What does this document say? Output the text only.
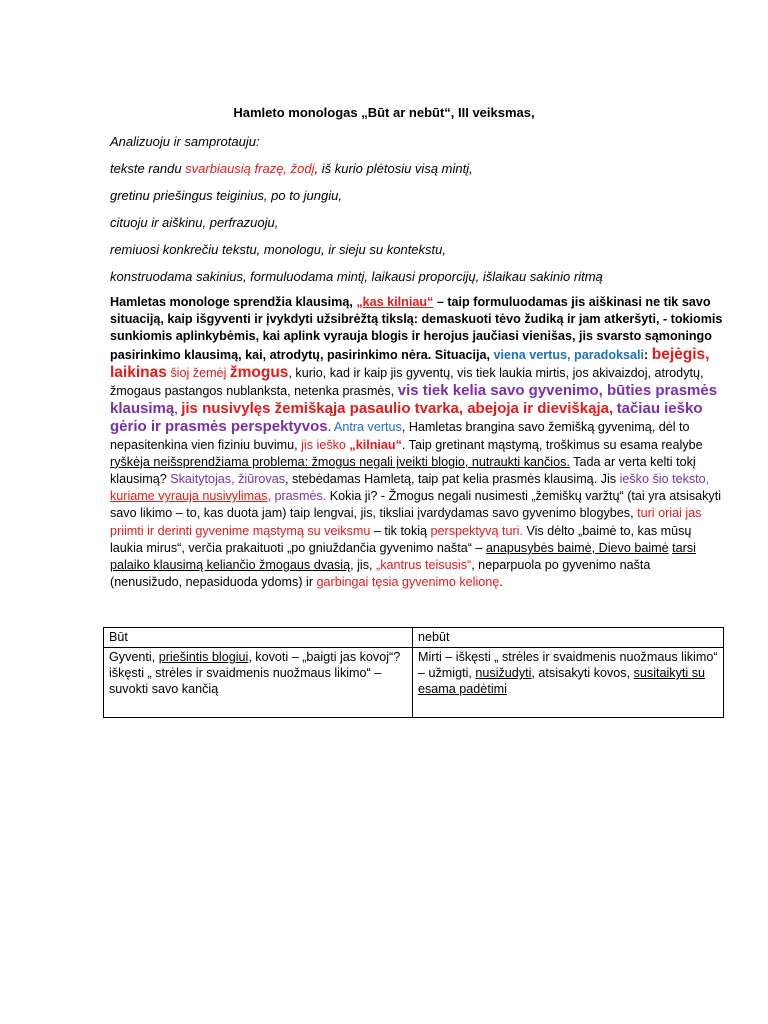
Hamleto monologas „Būt ar nebūt“, III veiksmas,
Analizuoju ir samprotauju:
tekste randu svarbiausią frazę, žodį, iš kurio plėtosiu visą mintį,
gretinu priešingus teiginius, po to jungiu,
cituoju ir aiškinu, perfrazuoju,
remiuosi konkrečiu tekstu, monologu, ir sieju su kontekstu,
konstruodama sakinius, formuluodama mintį, laikausi proporcijų, išlaikau sakinio ritmą
Hamletas monologe sprendžia klausimą, „kas kilniau“ – taip formuluodamas jis aiškinasi ne tik savo situaciją, kaip išgyventi ir įvykdyti užsibrėžtą tikslą: demaskuoti tėvo žudiką ir jam atkeršyti, - tokiomis sunkiomis aplinkybėmis, kai aplink vyrauja blogis ir herojus jaučiasi vienišas, jis svarsto sąmoningo pasirinkimo klausimą, kai, atrodytų, pasirinkimo nėra. Situacija, viena vertus, paradoksali: bejėgis, laikinas šioj žemėj žmogus, kurio, kad ir kaip jis gyventų, vis tiek laukia mirtis, jos akivaizdoj, atrodytų, žmogaus pastangos nublanksta, netenka prasmės, vis tiek kelia savo gyvenimo, būties prasmės klausimą, jis nusivylęs žemiškąja pasaulio tvarka, abejoja ir dieviškąja, tačiau ieško gėrio ir prasmės perspektyvos. Antra vertus, Hamletas brangina savo žemišką gyvenimą, dėl to nepasitenkina vien fiziniu buvimu, jis ieško „kilniau“. Taip gretinant mąstymą, troškimus su esama realybe ryškėja neišsprendžiama problema: žmogus negali įveikti blogio, nutraukti kančios. Tada ar verta kelti tokį klausimą? Skaitytojas, žiūrovas, stebėdamas Hamletą, taip pat kelia prasmės klausimą. Jis ieško šio teksto, kuriame vyrauja nusivylimas, prasmės. Kokia ji? - Žmogus negali nusimesti „žemiškų varžtų“ (tai yra atsisakyti savo likimo – to, kas duota jam) taip lengvai, jis, tiksliai įvardydamas savo gyvenimo blogybes, turi oriai jas priimti ir derinti gyvenime mąstymą su veiksmu – tik tokią perspektyvą turi. Vis dėlto „baimė to, kas mūsų laukia mirus“, verčia prakaituoti „po gniuždančia gyvenimo našta“ – anapusybės baimė, Dievo baimė tarsi palaiko klausimą keliančio žmogaus dvasią, jis, „kantrus teisusis“, neparpuola po gyvenimo našta (nenusižudo, nepasiduoda ydoms) ir garbingai tęsia gyvenimo kelionę.
Būt	nebūt
Gyventi, priešintis blogiui, kovoti – „baigti jas kovoj“? iškęsti „ strėles ir svaidmenis nuožmaus likimo“ – suvokti savo kančią	Mirti – iškęsti „ strėles ir svaidmenis nuožmaus likimo“ – užmigti, nusižudyti, atsisakyti kovos, susitaikyti su esama padėtimi
